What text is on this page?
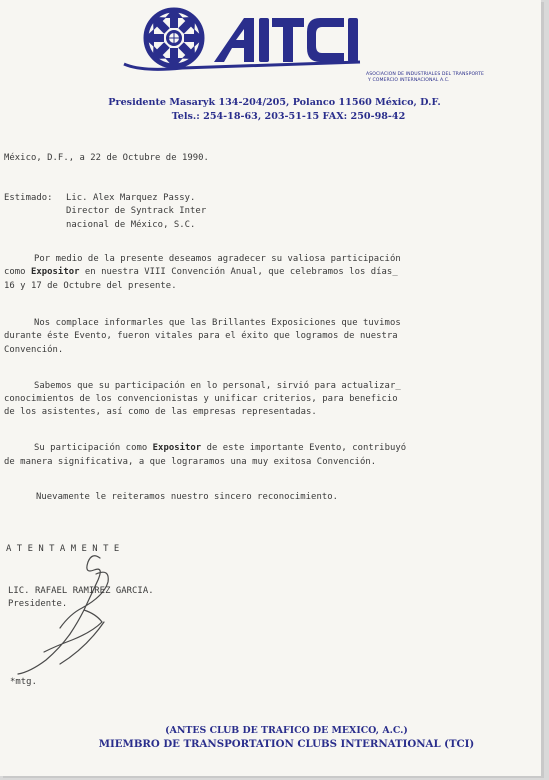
ASOCIACION DE INDUSTRIALES DEL TRANSPORTE
Y COMERCIO INTERNACIONAL A.C.
Presidente Masaryk 134-204/205, Polanco 11560 México, D.F.
Tels.: 254-18-63, 203-51-15 FAX: 250-98-42
México, D.F., a 22 de Octubre de 1990.
Estimado: Lic. Alex Marquez Passy.
Director de Syntrack Inter
nacional de México, S.C.
Por medio de la presente deseamos agradecer su valiosa participación
como Expositor en nuestra VIII Convención Anual, que celebramos los días_
16 y 17 de Octubre del presente.
Nos complace informarles que las Brillantes Exposiciones que tuvimos
durante éste Evento, fueron vitales para el éxito que logramos de nuestra
Convención.
Sabemos que su participación en lo personal, sirvió para actualizar_
conocimientos de los convencionistas y unificar criterios, para beneficio
de los asistentes, así como de las empresas representadas.
Su participación como Expositor de este importante Evento, contribuyó
de manera significativa, a que lograramos una muy exitosa Convención.
Nuevamente le reiteramos nuestro sincero reconocimiento.
A T E N T A M E N T E
LIC. RAFAEL RAMIREZ GARCIA.
Presidente.
*mtg.
(ANTES CLUB DE TRAFICO DE MEXICO, A.C.)
MIEMBRO DE TRANSPORTATION CLUBS INTERNATIONAL (TCI)
